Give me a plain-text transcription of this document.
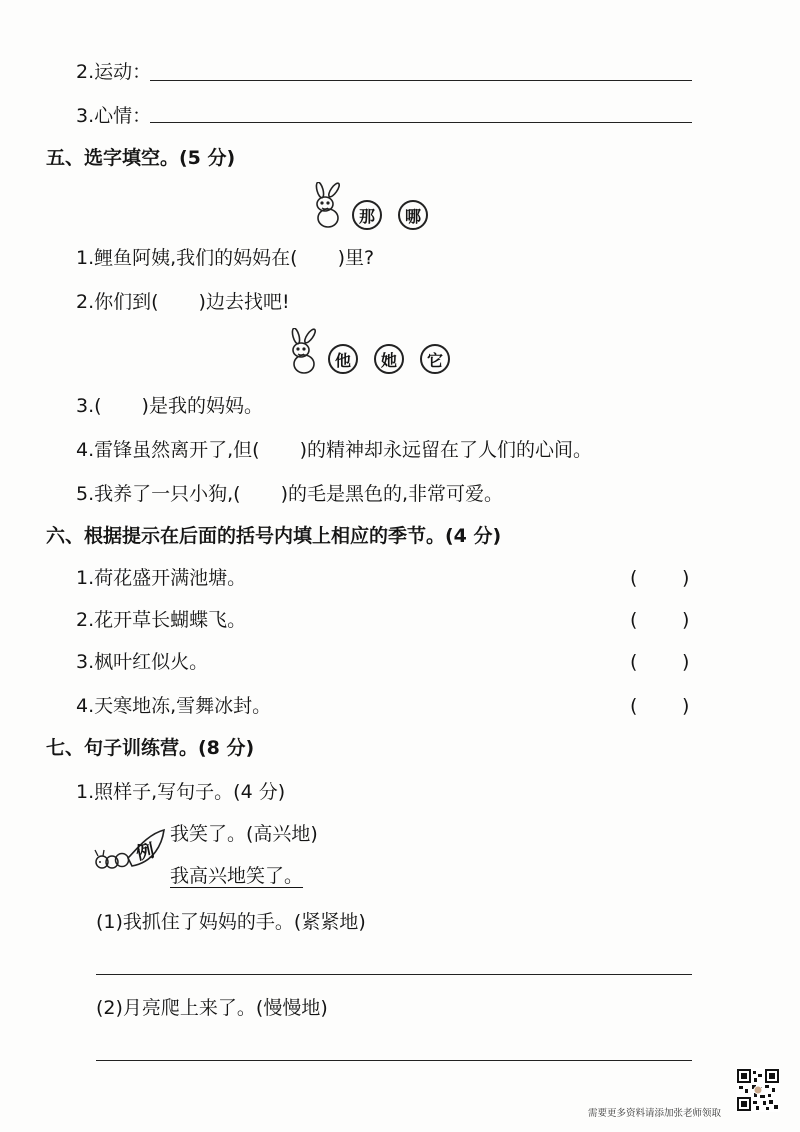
2.运动：
3.心情：
五、选字填空。(5 分)
那	哪
1.鲤鱼阿姨,我们的妈妈在( )里?
2.你们到( )边去找吧!
他	她	它
3.( )是我的妈妈。
4.雷锋虽然离开了,但( )的精神却永远留在了人们的心间。
5.我养了一只小狗,( )的毛是黑色的,非常可爱。
六、根据提示在后面的括号内填上相应的季节。(4 分)
1.荷花盛开满池塘。	( )
2.花开草长蝴蝶飞。	( )
3.枫叶红似火。	( )
4.天寒地冻,雪舞冰封。	( )
七、句子训练营。(8 分)
1.照样子,写句子。(4 分)
例
我笑了。(高兴地)
我高兴地笑了。
(1)我抓住了妈妈的手。(紧紧地)
(2)月亮爬上来了。(慢慢地)
需要更多资料请添加张老师领取
